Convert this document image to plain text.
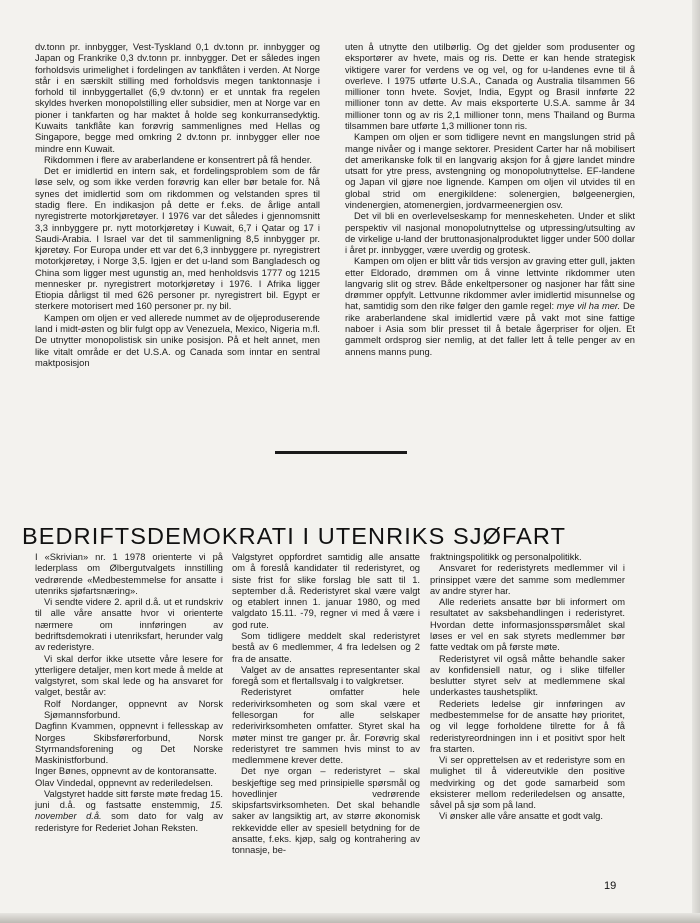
dv.tonn pr. innbygger, Vest-Tyskland 0,1 dv.tonn pr. innbygger og Japan og Frankrike 0,3 dv.tonn pr. innbygger. Det er således ingen forholdsvis urimelighet i fordelingen av tankflåten i verden. At Norge står i en særskilt stilling med forholdsvis megen tanktonnasje i forhold til innbyggertallet (6,9 dv.tonn) er et unntak fra regelen skyldes hverken monopolstilling eller subsidier, men at Norge var en pioner i tankfarten og har maktet å holde seg konkurransedyktig. Kuwaits tankflåte kan forøvrig sammenlignes med Hellas og Singapore, begge med omkring 2 dv.tonn pr. innbygger eller noe mindre enn Kuwait.

Rikdommen i flere av araberlandene er konsentrert på få hender.

Det er imidlertid en intern sak, et fordelingsproblem som de får løse selv, og som ikke verden forøvrig kan eller bør betale for. Nå synes det imidlertid som om rikdommen og velstanden spres til stadig flere. En indikasjon på dette er f.eks. de årlige antall nyregistrerte motorkjøretøyer. I 1976 var det således i gjennomsnitt 3,3 innbyggere pr. nytt motorkjøretøy i Kuwait, 6,7 i Qatar og 17 i Saudi-Arabia. I Israel var det til sammenligning 8,5 innbygger pr. kjøretøy. For Europa under ett var det 6,3 innbyggere pr. nyregistrert motorkjøretøy, i Norge 3,5. Igjen er det u-land som Bangladesch og China som ligger mest ugunstig an, med henholdsvis 1777 og 1215 mennesker pr. nyregistrert motorkjøretøy i 1976. I Afrika ligger Etiopia dårligst til med 626 personer pr. nyregistrert bil. Egypt er sterkere motorisert med 160 personer pr. ny bil.

Kampen om oljen er ved alleredе nummet av de oljeproduserende land i midt-østen og blir fulgt opp av Venezuela, Mexico, Nigeria m.fl. De utnytter monopolistisk sin unike posisjon. På et helt annet, men like vitalt område er det U.S.A. og Canada som inntar en sentral maktposisjon

uten å utnytte den utilbørlig. Og det gjelder som produsenter og eksportører av hvete, mais og ris. Dette er kan hende strategisk viktigere varer for verdens ve og vel, og for u-landenes evne til å overleve. I 1975 utførte U.S.A., Canada og Australia tilsammen 56 millioner tonn hvete. Sovjet, India, Egypt og Brasil innførte 22 millioner tonn av dette. Av mais eksporterte U.S.A. samme år 34 millioner tonn og av ris 2,1 millioner tonn, mens Thailand og Burma tilsammen bare utførte 1,3 millioner tonn ris.

Kampen om oljen er som tidligere nevnt en mangslungen strid på mange nivåer og i mange sektorer. President Carter har nå mobilisert det amerikanske folk til en langvarig aksjon for å gjøre landet mindre utsatt for ytre press, avstengning og monopolutnyttelse. EF-landene og Japan vil gjøre noe lignende. Kampen om oljen vil utvides til en global strid om energikildene: solenergien, bølgeenergien, vindenergien, atomenergien, jordvarmeenergien osv.

Det vil bli en overlevelseskamp for menneskeheten. Under et slikt perspektiv vil nasjonal monopolutnyttelse og utpressing/utsulting av de virkelige u-land der bruttonasjonalproduktet ligger under 500 dollar i året pr. innbygger, være uverdig og grotesk.

Kampen om oljen er blitt vår tids versjon av graving etter gull, jakten etter Eldorado, drømmen om å vinne lettvinte rikdommer uten langvarig slit og strev. Både enkeltpersoner og nasjoner har fått sine drømmer oppfylt. Lettvunne rikdommer avler imidlertid misunnelse og hat, samtidig som den rike følger den gamle regel: mye vil ha mer. De rike araberlandene skal imidlertid være på vakt mot sine fattige naboer i Asia som blir presset til å betale ågerpriser for oljen. Et gammelt ordsprog sier nemlig, at det faller lett å telle penger av en annens manns pung.

BEDRIFTSDEMOKRATI I UTENRIKS SJØFART

I «Skrivian» nr. 1 1978 orienterte vi på lederplass om Ølbergutvalgets innstilling vedrørende «Medbestemmelse for ansatte i utenriks sjøfartsnæring».

Vi sendte videre 2. april d.å. ut et rundskriv til alle våre ansatte hvor vi orienterte nærmere om innføringen av bedriftsdemokrati i utenriksfart, herunder valg av rederistyre.

Vi skal derfor ikke utsette våre lesere for ytterligere detaljer, men kort mede å melde at valgstyret, som skal lede og ha ansvaret for valget, består av:

Rolf Nordanger, oppnevnt av Norsk Sjømannsforbund.

Dagfinn Kvammen, oppnevnt i fellesskap av Norges Skibsførerforbund, Norsk Styrmandsforening og Det Norske Maskinistforbund.

Inger Bønes, oppnevnt av de kontoransatte.

Olav Vindedal, oppnevnt av rederiledelsen.

Valgstyret hadde sitt første møte fredag 15. juni d.å. og fastsatte enstemmig, 15. november d.å. som dato for valg av rederistyre for Rederiet Johan Reksten.

Valgstyret oppfordret samtidig alle ansatte om å foreslå kandidater til rederistyret, og siste frist for slike forslag ble satt til 1. september d.å. Rederistyret skal være valgt og etablert innen 1. januar 1980, og med valgdato 15.11. -79, regner vi med å være i god rute.

Som tidligere meddelt skal rederistyret bestå av 6 medlemmer, 4 fra ledelsen og 2 fra de ansatte.

Valget av de ansattes representanter skal foregå som et flertallsvalg i to valgkretser.

Rederistyret omfatter hele rederivirksomheten og som skal være et fellesorgan for alle selskaper rederivirksomheten omfatter. Styret skal ha møter minst tre ganger pr. år. Forøvrig skal rederistyret tre sammen hvis minst to av medlemmene krever dette.

Det nye organ – rederistyret – skal beskjeftige seg med prinsipielle spørsmål og hovedlinjer vedrørende skipsfartsvirksomheten. Det skal behandle saker av langsiktig art, av større økonomisk rekkevidde eller av spesiell betydning for de ansatte, f.eks. kjøp, salg og kontrahering av tonnasje, be-

fraktningspolitikk og personalpolitikk.

Ansvaret for rederistyrets medlemmer vil i prinsippet være det samme som medlemmer av andre styrer har.

Alle rederiets ansatte bør bli informert om resultatet av saksbehandlingen i rederistyret. Hvordan dette informasjonsspørsmålet skal løses er vel en sak styrets medlemmer bør fatte vedtak om på første møte.

Rederistyret vil også måtte behandle saker av konfidensiell natur, og i slike tilfeller beslutter styret selv at medlemmene skal underkastes taushetsplikt.

Rederiets ledelse gir innføringen av medbestemmelse for de ansatte høy prioritet, og vil legge forholdene tilrette for å få rederistyreordningen inn i et positivt spor helt fra starten.

Vi ser opprettelsen av et rederistyre som en mulighet til å videreutvikle den positive medvirking og det gode samarbeid som eksisterer mellom rederiledelsen og ansatte, såvel på sjø som på land.

Vi ønsker alle våre ansatte et godt valg.

19
